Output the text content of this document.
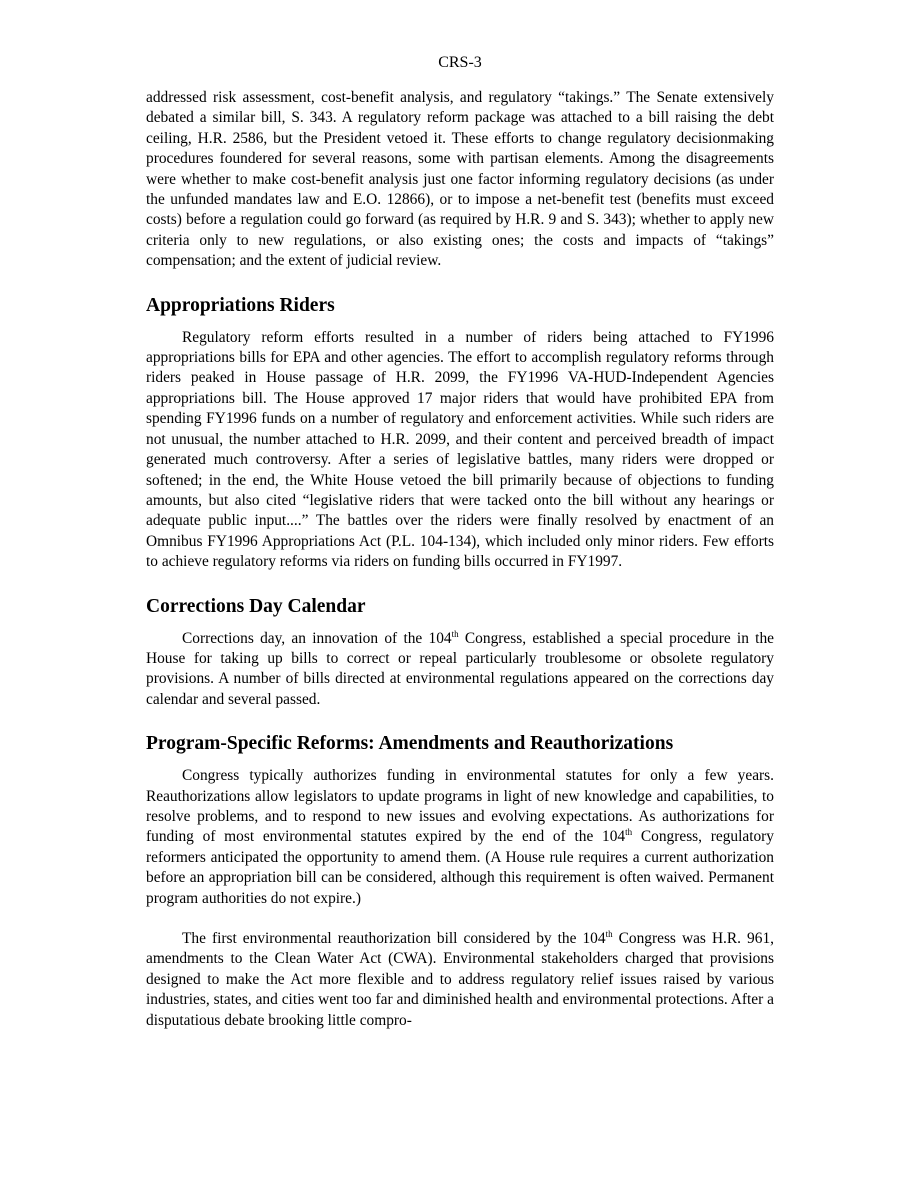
CRS-3

addressed risk assessment, cost-benefit analysis, and regulatory “takings.” The Senate extensively debated a similar bill, S. 343. A regulatory reform package was attached to a bill raising the debt ceiling, H.R. 2586, but the President vetoed it. These efforts to change regulatory decisionmaking procedures foundered for several reasons, some with partisan elements. Among the disagreements were whether to make cost-benefit analysis just one factor informing regulatory decisions (as under the unfunded mandates law and E.O. 12866), or to impose a net-benefit test (benefits must exceed costs) before a regulation could go forward (as required by H.R. 9 and S. 343); whether to apply new criteria only to new regulations, or also existing ones; the costs and impacts of “takings” compensation; and the extent of judicial review.

Appropriations Riders

Regulatory reform efforts resulted in a number of riders being attached to FY1996 appropriations bills for EPA and other agencies. The effort to accomplish regulatory reforms through riders peaked in House passage of H.R. 2099, the FY1996 VA-HUD-Independent Agencies appropriations bill. The House approved 17 major riders that would have prohibited EPA from spending FY1996 funds on a number of regulatory and enforcement activities. While such riders are not unusual, the number attached to H.R. 2099, and their content and perceived breadth of impact generated much controversy. After a series of legislative battles, many riders were dropped or softened; in the end, the White House vetoed the bill primarily because of objections to funding amounts, but also cited “legislative riders that were tacked onto the bill without any hearings or adequate public input....” The battles over the riders were finally resolved by enactment of an Omnibus FY1996 Appropriations Act (P.L. 104-134), which included only minor riders. Few efforts to achieve regulatory reforms via riders on funding bills occurred in FY1997.

Corrections Day Calendar

Corrections day, an innovation of the 104th Congress, established a special procedure in the House for taking up bills to correct or repeal particularly troublesome or obsolete regulatory provisions. A number of bills directed at environmental regulations appeared on the corrections day calendar and several passed.

Program-Specific Reforms: Amendments and Reauthorizations

Congress typically authorizes funding in environmental statutes for only a few years. Reauthorizations allow legislators to update programs in light of new knowledge and capabilities, to resolve problems, and to respond to new issues and evolving expectations. As authorizations for funding of most environmental statutes expired by the end of the 104th Congress, regulatory reformers anticipated the opportunity to amend them. (A House rule requires a current authorization before an appropriation bill can be considered, although this requirement is often waived. Permanent program authorities do not expire.)

The first environmental reauthorization bill considered by the 104th Congress was H.R. 961, amendments to the Clean Water Act (CWA). Environmental stakeholders charged that provisions designed to make the Act more flexible and to address regulatory relief issues raised by various industries, states, and cities went too far and diminished health and environmental protections. After a disputatious debate brooking little compro-
